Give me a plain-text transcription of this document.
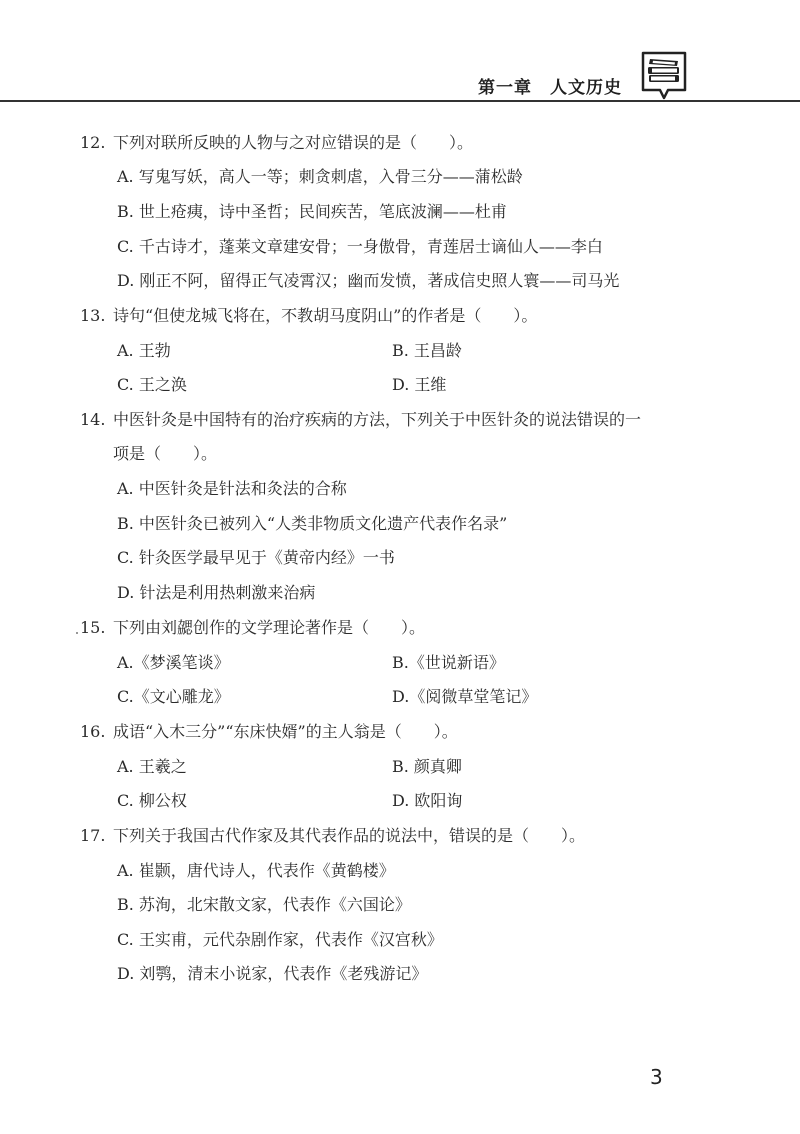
第一章　人文历史
12. 下列对联所反映的人物与之对应错误的是（　　）。
A. 写鬼写妖，高人一等；刺贪刺虐，入骨三分——蒲松龄
B. 世上疮痍，诗中圣哲；民间疾苦，笔底波澜——杜甫
C. 千古诗才，蓬莱文章建安骨；一身傲骨，青莲居士谪仙人——李白
D. 刚正不阿，留得正气凌霄汉；幽而发愤，著成信史照人寰——司马光
13. 诗句“但使龙城飞将在，不教胡马度阴山”的作者是（　　）。
A. 王勃	B. 王昌龄
C. 王之涣	D. 王维
14. 中医针灸是中国特有的治疗疾病的方法，下列关于中医针灸的说法错误的一
项是（　　）。
A. 中医针灸是针法和灸法的合称
B. 中医针灸已被列入“人类非物质文化遗产代表作名录”
C. 针灸医学最早见于《黄帝内经》一书
D. 针法是利用热刺激来治病
15. 下列由刘勰创作的文学理论著作是（　　）。
A.《梦溪笔谈》	B.《世说新语》
C.《文心雕龙》	D.《阅微草堂笔记》
16. 成语“入木三分”“东床快婿”的主人翁是（　　）。
A. 王羲之	B. 颜真卿
C. 柳公权	D. 欧阳询
17. 下列关于我国古代作家及其代表作品的说法中，错误的是（　　）。
A. 崔颢，唐代诗人，代表作《黄鹤楼》
B. 苏洵，北宋散文家，代表作《六国论》
C. 王实甫，元代杂剧作家，代表作《汉宫秋》
D. 刘鹗，清末小说家，代表作《老残游记》
3
